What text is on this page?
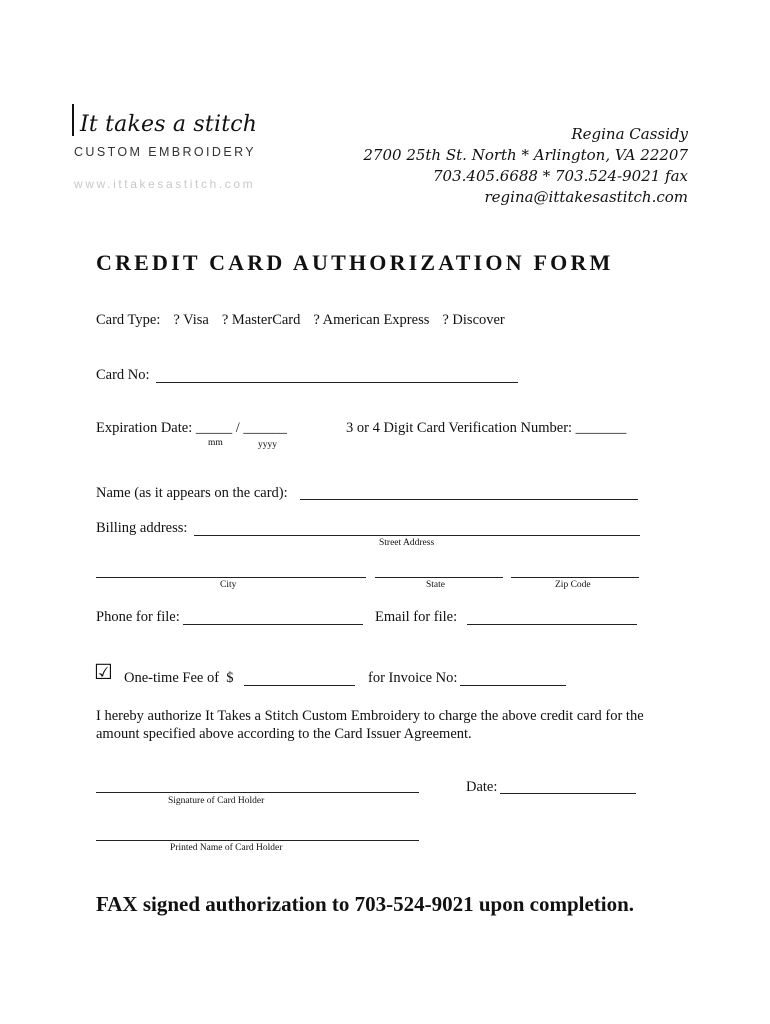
It takes a stitch
CUSTOM EMBROIDERY
www.ittakesastitch.com
Regina Cassidy
2700 25th St. North * Arlington, VA 22207
703.405.6688 * 703.524-9021 fax
regina@ittakesastitch.com
CREDIT CARD AUTHORIZATION FORM
Card Type: ? Visa ? MasterCard ? American Express ? Discover
Card No:
Expiration Date: _____ / ______
mm	yyyy
3 or 4 Digit Card Verification Number: _______
Name (as it appears on the card):
Billing address:
Street Address
City	State	Zip Code
Phone for file:	Email for file:
☑ One-time Fee of  $	for Invoice No:
I hereby authorize It Takes a Stitch Custom Embroidery to charge the above credit card for the amount specified above according to the Card Issuer Agreement.
Signature of Card Holder
Date:
Printed Name of Card Holder
FAX signed authorization to 703-524-9021 upon completion.
